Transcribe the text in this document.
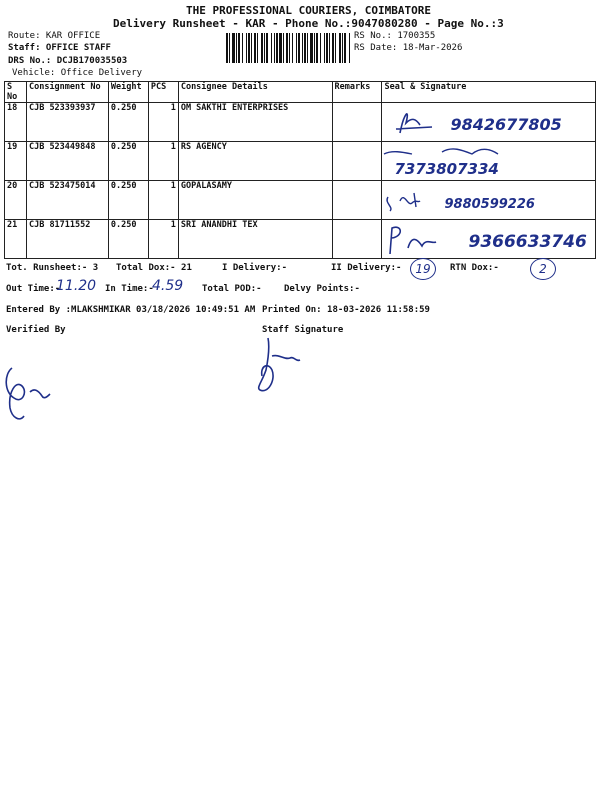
THE PROFESSIONAL COURIERS, COIMBATORE
Delivery Runsheet - KAR - Phone No.:9047080280 - Page No.:3
Route: KAR OFFICE
Staff: OFFICE STAFF
DRS No.: DCJB170035503
Vehicle: Office Delivery
RS No.: 1700355
RS Date: 18-Mar-2026
S No	Consignment No	Weight	PCS	Consignee Details	Remarks	Seal & Signature
18	CJB 523393937	0.250	1	OM SAKTHI ENTERPRISES		9842677805

19	CJB 523449848	0.250	1	RS AGENCY		7373807334

20	CJB 523475014	0.250	1	GOPALASAMY		9880599226

21	CJB 81711552	0.250	1	SRI ANANDHI TEX		9366633746
Tot. Runsheet:- 3 Total Dox:- 21	I Delivery:-	II Delivery:-	19	RTN Dox:-	2
Out Time:-
11.20 In Time:-
4.59 Total POD:- Delvy Points:-
Entered By :MLAKSHMIKAR 03/18/2026 10:49:51 AM Printed On: 18-03-2026 11:58:59
Verified By	Staff Signature
